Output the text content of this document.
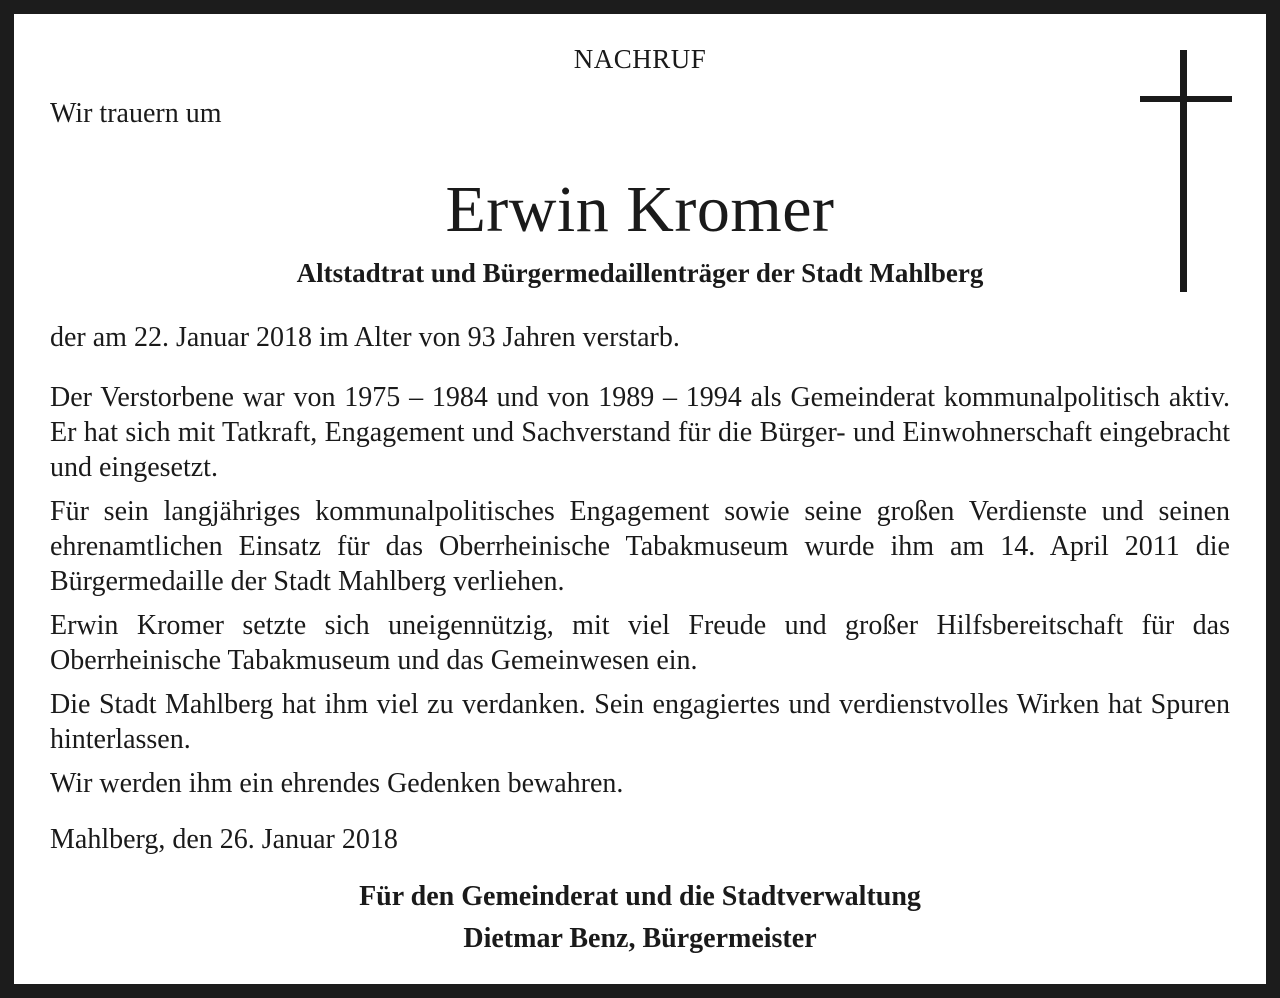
NACHRUF
Wir trauern um
Erwin Kromer
Altstadtrat und Bürgermedaillenträger der Stadt Mahlberg
der am 22. Januar 2018 im Alter von 93 Jahren verstarb.

Der Verstorbene war von 1975 – 1984 und von 1989 – 1994 als Gemeinderat kommunalpolitisch aktiv. Er hat sich mit Tatkraft, Engagement und Sachverstand für die Bürger- und Einwohnerschaft eingebracht und eingesetzt.

Für sein langjähriges kommunalpolitisches Engagement sowie seine großen Verdienste und seinen ehrenamtlichen Einsatz für das Oberrheinische Tabakmuseum wurde ihm am 14. April 2011 die Bürgermedaille der Stadt Mahlberg verliehen.

Erwin Kromer setzte sich uneigennützig, mit viel Freude und großer Hilfsbereitschaft für das Oberrheinische Tabakmuseum und das Gemeinwesen ein.

Die Stadt Mahlberg hat ihm viel zu verdanken. Sein engagiertes und verdienstvolles Wirken hat Spuren hinterlassen.

Wir werden ihm ein ehrendes Gedenken bewahren.

Mahlberg, den 26. Januar 2018
Für den Gemeinderat und die Stadtverwaltung
Dietmar Benz, Bürgermeister
